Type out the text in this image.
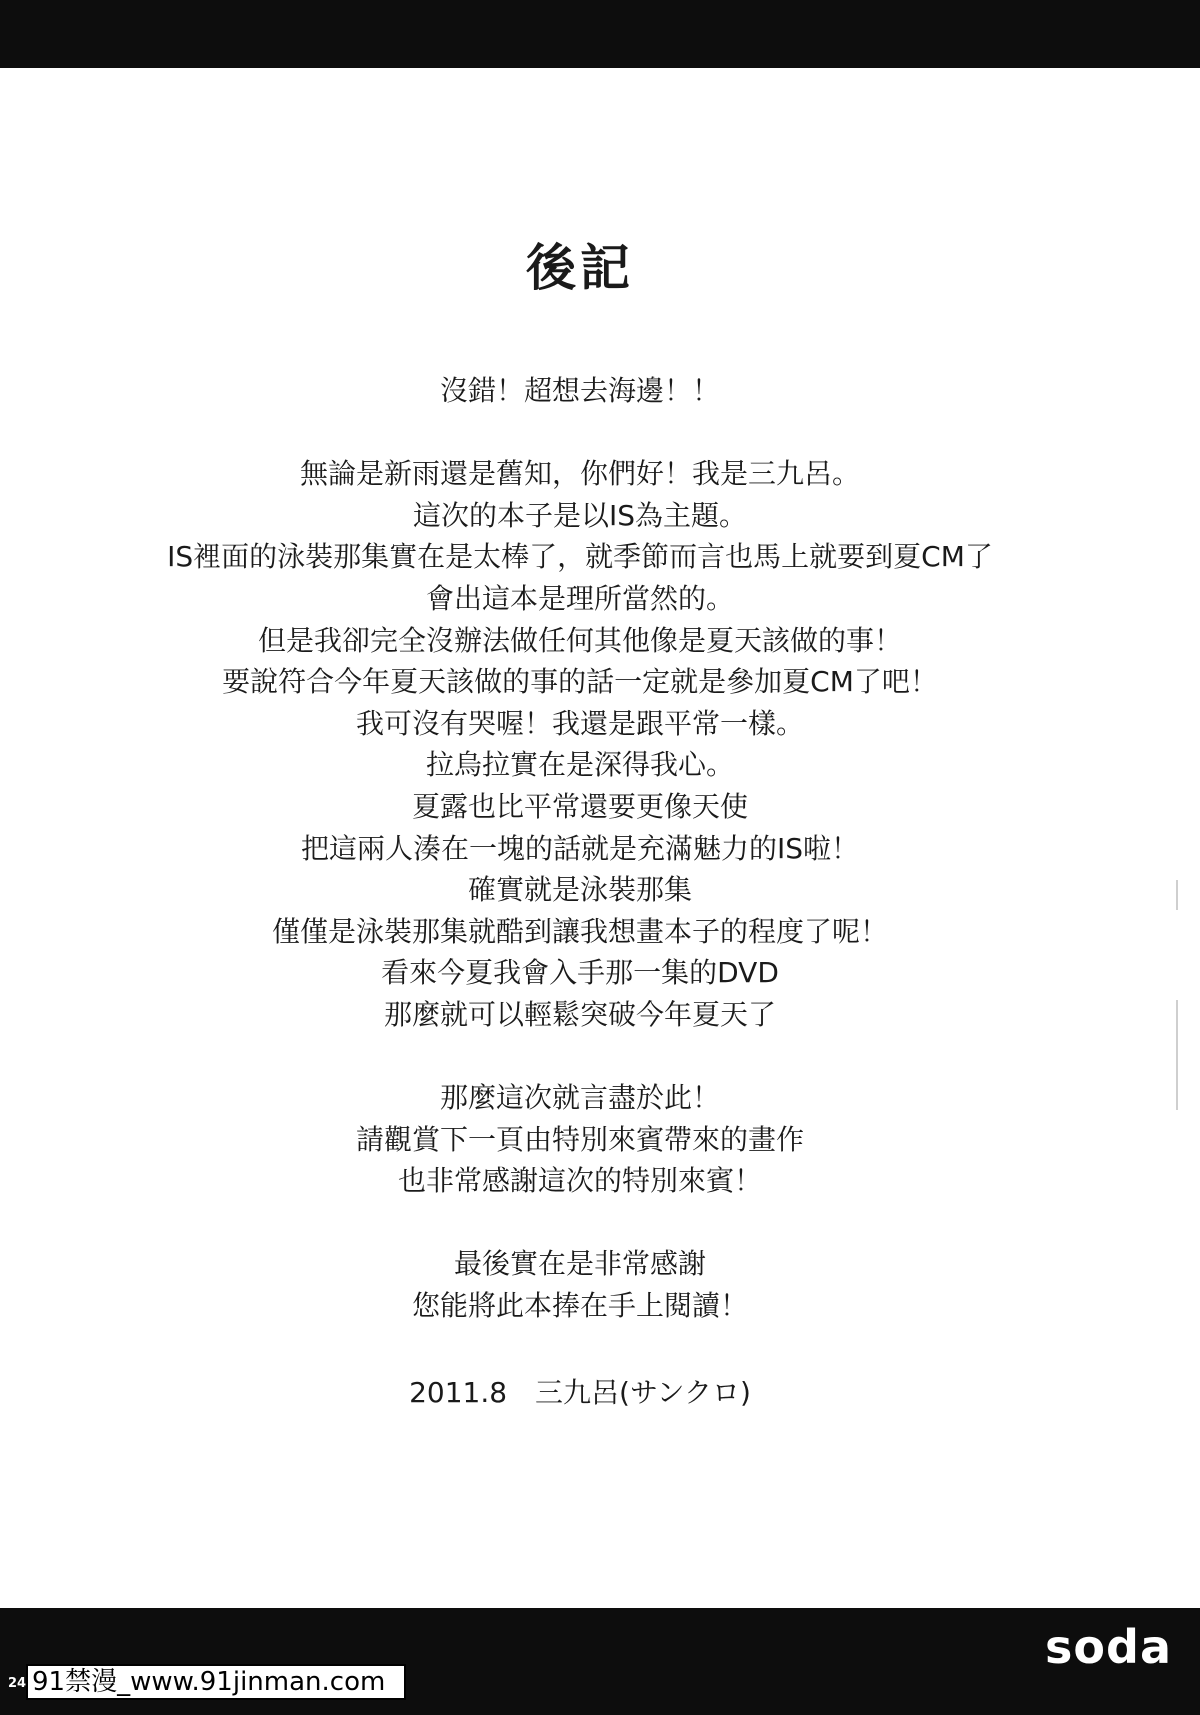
後記
沒錯！超想去海邊！！
無論是新雨還是舊知，你們好！我是三九呂。
這次的本子是以IS為主題。
IS裡面的泳裝那集實在是太棒了，就季節而言也馬上就要到夏CM了
會出這本是理所當然的。
但是我卻完全沒辦法做任何其他像是夏天該做的事！
要說符合今年夏天該做的事的話一定就是參加夏CM了吧！
我可沒有哭喔！我還是跟平常一樣。
拉烏拉實在是深得我心。
夏露也比平常還要更像天使
把這兩人湊在一塊的話就是充滿魅力的IS啦！
確實就是泳裝那集
僅僅是泳裝那集就酷到讓我想畫本子的程度了呢！
看來今夏我會入手那一集的DVD
那麼就可以輕鬆突破今年夏天了
那麼這次就言盡於此！
請觀賞下一頁由特別來賓帶來的畫作
也非常感謝這次的特別來賓！
最後實在是非常感謝
您能將此本捧在手上閱讀！
2011.8　三九呂(サンクロ)
24
soda
91禁漫_www.91jinman.com
